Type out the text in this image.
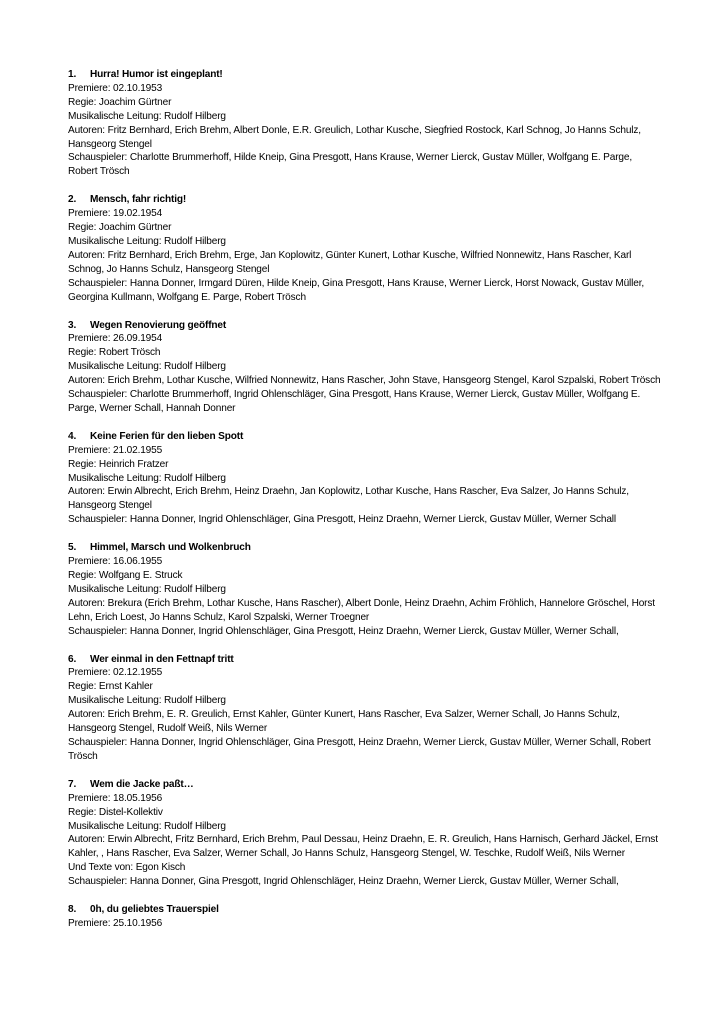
1. Hurra! Humor ist eingeplant!
Premiere: 02.10.1953
Regie: Joachim Gürtner
Musikalische Leitung: Rudolf Hilberg
Autoren: Fritz Bernhard, Erich Brehm, Albert Donle, E.R. Greulich, Lothar Kusche, Siegfried Rostock, Karl Schnog, Jo Hanns Schulz, Hansgeorg Stengel
Schauspieler: Charlotte Brummerhoff, Hilde Kneip, Gina Presgott, Hans Krause, Werner Lierck, Gustav Müller, Wolfgang E. Parge, Robert Trösch
2. Mensch, fahr richtig!
Premiere: 19.02.1954
Regie: Joachim Gürtner
Musikalische Leitung: Rudolf Hilberg
Autoren: Fritz Bernhard, Erich Brehm, Erge, Jan Koplowitz, Günter Kunert, Lothar Kusche, Wilfried Nonnewitz, Hans Rascher, Karl Schnog, Jo Hanns Schulz, Hansgeorg Stengel
Schauspieler: Hanna Donner, Irmgard Düren, Hilde Kneip, Gina Presgott, Hans Krause, Werner Lierck, Horst Nowack, Gustav Müller, Georgina Kullmann, Wolfgang E. Parge, Robert Trösch
3. Wegen Renovierung geöffnet
Premiere: 26.09.1954
Regie: Robert Trösch
Musikalische Leitung: Rudolf Hilberg
Autoren: Erich Brehm, Lothar Kusche, Wilfried Nonnewitz, Hans Rascher, John Stave, Hansgeorg Stengel, Karol Szpalski, Robert Trösch
Schauspieler: Charlotte Brummerhoff, Ingrid Ohlenschläger, Gina Presgott, Hans Krause, Werner Lierck, Gustav Müller, Wolfgang E. Parge, Werner Schall, Hannah Donner
4. Keine Ferien für den lieben Spott
Premiere: 21.02.1955
Regie: Heinrich Fratzer
Musikalische Leitung: Rudolf Hilberg
Autoren: Erwin Albrecht, Erich Brehm, Heinz Draehn, Jan Koplowitz, Lothar Kusche, Hans Rascher, Eva Salzer, Jo Hanns Schulz, Hansgeorg Stengel
Schauspieler: Hanna Donner, Ingrid Ohlenschläger, Gina Presgott, Heinz Draehn, Werner Lierck, Gustav Müller, Werner Schall
5. Himmel, Marsch und Wolkenbruch
Premiere: 16.06.1955
Regie: Wolfgang E. Struck
Musikalische Leitung: Rudolf Hilberg
Autoren: Brekura (Erich Brehm, Lothar Kusche, Hans Rascher), Albert Donle, Heinz Draehn, Achim Fröhlich, Hannelore Gröschel, Horst Lehn, Erich Loest, Jo Hanns Schulz, Karol Szpalski, Werner Troegner
Schauspieler: Hanna Donner, Ingrid Ohlenschläger, Gina Presgott, Heinz Draehn, Werner Lierck, Gustav Müller, Werner Schall,
6. Wer einmal in den Fettnapf tritt
Premiere: 02.12.1955
Regie: Ernst Kahler
Musikalische Leitung: Rudolf Hilberg
Autoren: Erich Brehm, E. R. Greulich, Ernst Kahler, Günter Kunert, Hans Rascher, Eva Salzer, Werner Schall, Jo Hanns Schulz, Hansgeorg Stengel, Rudolf Weiß, Nils Werner
Schauspieler: Hanna Donner, Ingrid Ohlenschläger, Gina Presgott, Heinz Draehn, Werner Lierck, Gustav Müller, Werner Schall, Robert Trösch
7. Wem die Jacke paßt…
Premiere: 18.05.1956
Regie: Distel-Kollektiv
Musikalische Leitung: Rudolf Hilberg
Autoren: Erwin Albrecht, Fritz Bernhard, Erich Brehm, Paul Dessau, Heinz Draehn, E. R. Greulich, Hans Harnisch, Gerhard Jäckel, Ernst Kahler, , Hans Rascher, Eva Salzer, Werner Schall, Jo Hanns Schulz, Hansgeorg Stengel, W. Teschke, Rudolf Weiß, Nils Werner
Und Texte von: Egon Kisch
Schauspieler: Hanna Donner, Gina Presgott, Ingrid Ohlenschläger, Heinz Draehn, Werner Lierck, Gustav Müller, Werner Schall,
8. 0h, du geliebtes Trauerspiel
Premiere: 25.10.1956
